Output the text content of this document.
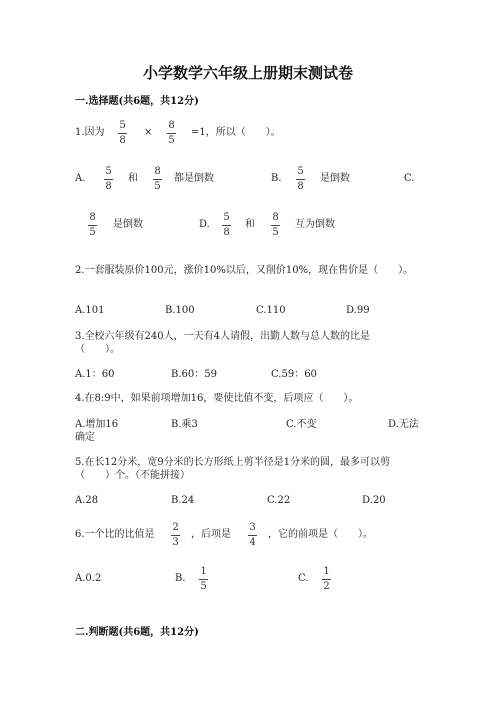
小学数学六年级上册期末测试卷
一.选择题(共6题，共12分)
1.因为
5
8
×
8
5
=1，所以（　　）。
A.
5
8
和
8
5
都是倒数	B.
5
8
是倒数	C.
8
5
是倒数	D.
5
8
和
8
5
互为倒数
2.一套服装原价100元，涨价10%以后，又削价10%，现在售价是（　　）。
A.101	B.100	C.110	D.99
3.全校六年级有240人，一天有4人请假，出勤人数与总人数的比是
（　　）。
A.1：60	B.60：59	C.59：60
4.在8:9中，如果前项增加16，要使比值不变，后项应（　　）。
A.增加16	B.乘3	C.不变	D.无法
确定
5.在长12分米，宽9分米的长方形纸上剪半径是1分米的圆，最多可以剪
（　　）个。（不能拼接）
A.28	B.24	C.22	D.20
6.一个比的比值是
2
3
，后项是
3
4
，它的前项是（　　）。
A.0.2	B.
1
5
C.
1
2
二.判断题(共6题，共12分)
